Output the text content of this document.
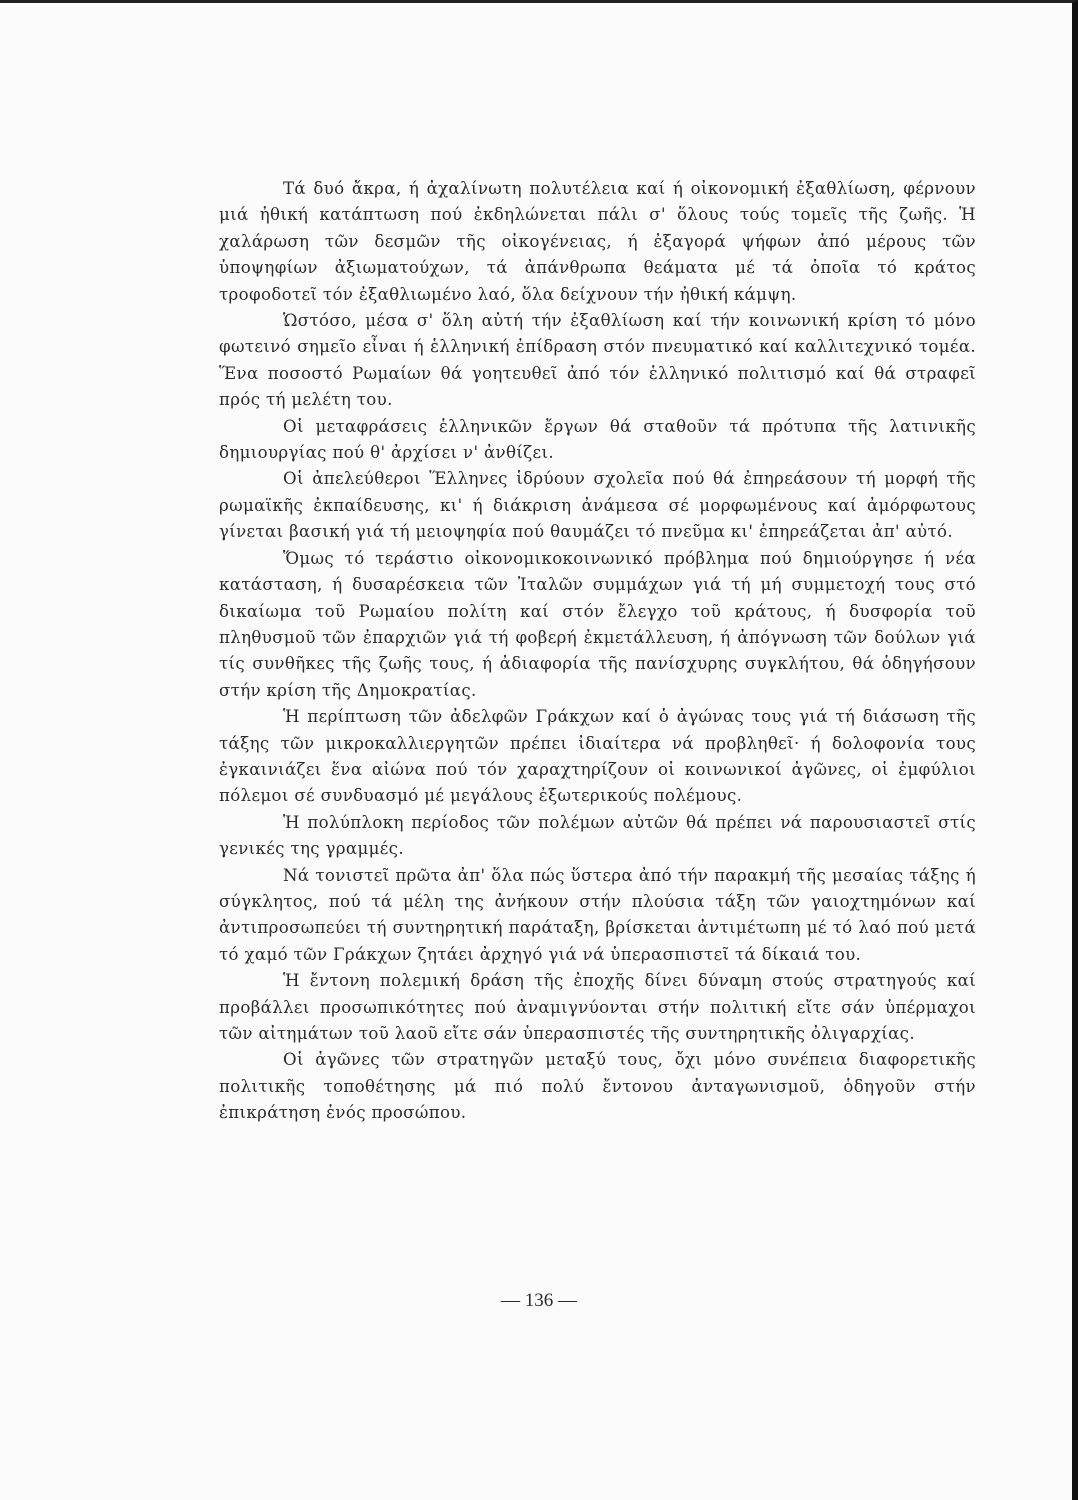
Τά δυό ἄκρα, ή ἀχαλίνωτη πολυτέλεια καί ή οἰκονομική ἐξαθλίωση, φέρνουν μιά ἠθική κατάπτωση πού ἐκδηλώνεται πάλι σ' ὅλους τούς τομεῖς τῆς ζωῆς. Ἡ χαλάρωση τῶν δεσμῶν τῆς οἰκογένειας, ή ἐξαγορά ψήφων ἀπό μέρους τῶν ὑποψηφίων ἀξιωματούχων, τά ἀπάνθρωπα θεάματα μέ τά ὁποῖα τό κράτος τροφοδοτεῖ τόν ἐξαθλιωμένο λαό, ὅλα δείχνουν τήν ἠθική κάμψη.

Ὡστόσο, μέσα σ' ὅλη αὐτή τήν ἐξαθλίωση καί τήν κοινωνική κρίση τό μόνο φωτεινό σημεῖο εἶναι ή ἑλληνική ἐπίδραση στόν πνευματικό καί καλλιτεχνικό τομέα. Ἕνα ποσοστό Ρωμαίων θά γοητευθεῖ ἀπό τόν ἑλληνικό πολιτισμό καί θά στραφεῖ πρός τή μελέτη του.

Οἱ μεταφράσεις ἑλληνικῶν ἔργων θά σταθοῦν τά πρότυπα τῆς λατινικῆς δημιουργίας πού θ' ἀρχίσει ν' ἀνθίζει.

Οἱ ἀπελεύθεροι Ἕλληνες ἱδρύουν σχολεῖα πού θά ἐπηρεάσουν τή μορφή τῆς ρωμαϊκῆς ἐκπαίδευσης, κι' ή διάκριση ἀνάμεσα σέ μορφωμένους καί ἀμόρφωτους γίνεται βασική γιά τή μειοψηφία πού θαυμάζει τό πνεῦμα κι' ἐπηρεάζεται ἀπ' αὐτό.

Ὅμως τό τεράστιο οἰκονομικοκοινωνικό πρόβλημα πού δημιούργησε ή νέα κατάσταση, ή δυσαρέσκεια τῶν Ἰταλῶν συμμάχων γιά τή μή συμμετοχή τους στό δικαίωμα τοῦ Ρωμαίου πολίτη καί στόν ἔλεγχο τοῦ κράτους, ή δυσφορία τοῦ πληθυσμοῦ τῶν ἐπαρχιῶν γιά τή φοβερή ἐκμετάλλευση, ή ἀπόγνωση τῶν δούλων γιά τίς συνθῆκες τῆς ζωῆς τους, ή ἀδιαφορία τῆς πανίσχυρης συγκλήτου, θά ὁδηγήσουν στήν κρίση τῆς Δημοκρατίας.

Ἡ περίπτωση τῶν ἀδελφῶν Γράκχων καί ὁ ἀγώνας τους γιά τή διάσωση τῆς τάξης τῶν μικροκαλλιεργητῶν πρέπει ἰδιαίτερα νά προβληθεῖ· ή δολοφονία τους ἐγκαινιάζει ἕνα αἰώνα πού τόν χαραχτηρίζουν οἱ κοινωνικοί ἀγῶνες, οἱ ἐμφύλιοι πόλεμοι σέ συνδυασμό μέ μεγάλους ἐξωτερικούς πολέμους.

Ἡ πολύπλοκη περίοδος τῶν πολέμων αὐτῶν θά πρέπει νά παρουσιαστεῖ στίς γενικές της γραμμές.

Νά τονιστεῖ πρῶτα ἀπ' ὅλα πώς ὕστερα ἀπό τήν παρακμή τῆς μεσαίας τάξης ή σύγκλητος, πού τά μέλη της ἀνήκουν στήν πλούσια τάξη τῶν γαιοχτημόνων καί ἀντιπροσωπεύει τή συντηρητική παράταξη, βρίσκεται ἀντιμέτωπη μέ τό λαό πού μετά τό χαμό τῶν Γράκχων ζητάει ἀρχηγό γιά νά ὑπερασπιστεῖ τά δίκαιά του.

Ἡ ἔντονη πολεμική δράση τῆς ἐποχῆς δίνει δύναμη στούς στρατηγούς καί προβάλλει προσωπικότητες πού ἀναμιγνύονται στήν πολιτική εἴτε σάν ὑπέρμαχοι τῶν αἰτημάτων τοῦ λαοῦ εἴτε σάν ὑπερασπιστές τῆς συντηρητικῆς ὀλιγαρχίας.

Οἱ ἀγῶνες τῶν στρατηγῶν μεταξύ τους, ὄχι μόνο συνέπεια διαφορετικῆς πολιτικῆς τοποθέτησης μά πιό πολύ ἔντονου ἀνταγωνισμοῦ, ὁδηγοῦν στήν ἐπικράτηση ἑνός προσώπου.

— 136 —
